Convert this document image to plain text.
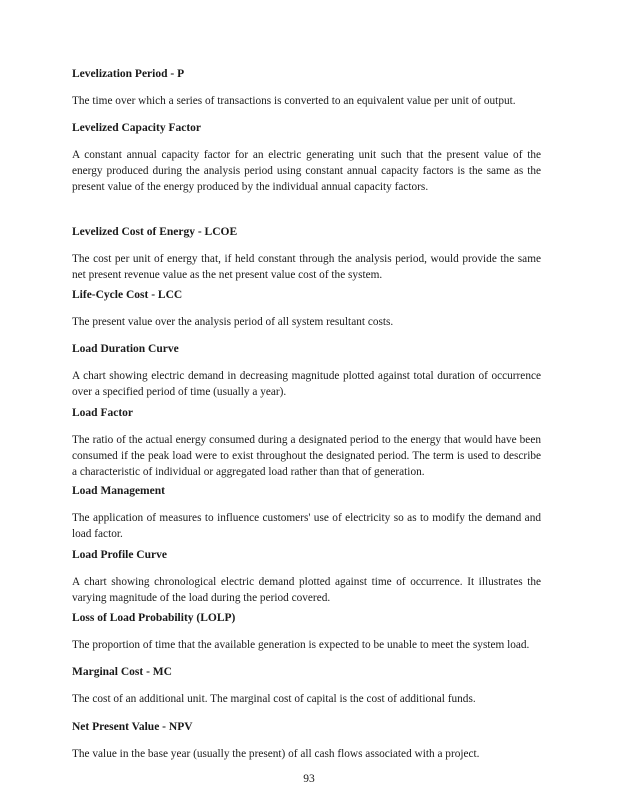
Levelization Period - P
The time over which a series of transactions is converted to an equivalent value per unit of output.
Levelized Capacity Factor
A constant annual capacity factor for an electric generating unit such that the present value of the energy produced during the analysis period using constant annual capacity factors is the same as the present value of the energy produced by the individual annual capacity factors.
Levelized Cost of Energy - LCOE
The cost per unit of energy that, if held constant through the analysis period, would provide the same net present revenue value as the net present value cost of the system.
Life-Cycle Cost - LCC
The present value over the analysis period of all system resultant costs.
Load Duration Curve
A chart showing electric demand in decreasing magnitude plotted against total duration of occurrence over a specified period of time (usually a year).
Load Factor
The ratio of the actual energy consumed during a designated period to the energy that would have been consumed if the peak load were to exist throughout the designated period. The term is used to describe a characteristic of individual or aggregated load rather than that of generation.
Load Management
The application of measures to influence customers' use of electricity so as to modify the demand and load factor.
Load Profile Curve
A chart showing chronological electric demand plotted against time of occurrence. It illustrates the varying magnitude of the load during the period covered.
Loss of Load Probability (LOLP)
The proportion of time that the available generation is expected to be unable to meet the system load.
Marginal Cost - MC
The cost of an additional unit. The marginal cost of capital is the cost of additional funds.
Net Present Value - NPV
The value in the base year (usually the present) of all cash flows associated with a project.
93
